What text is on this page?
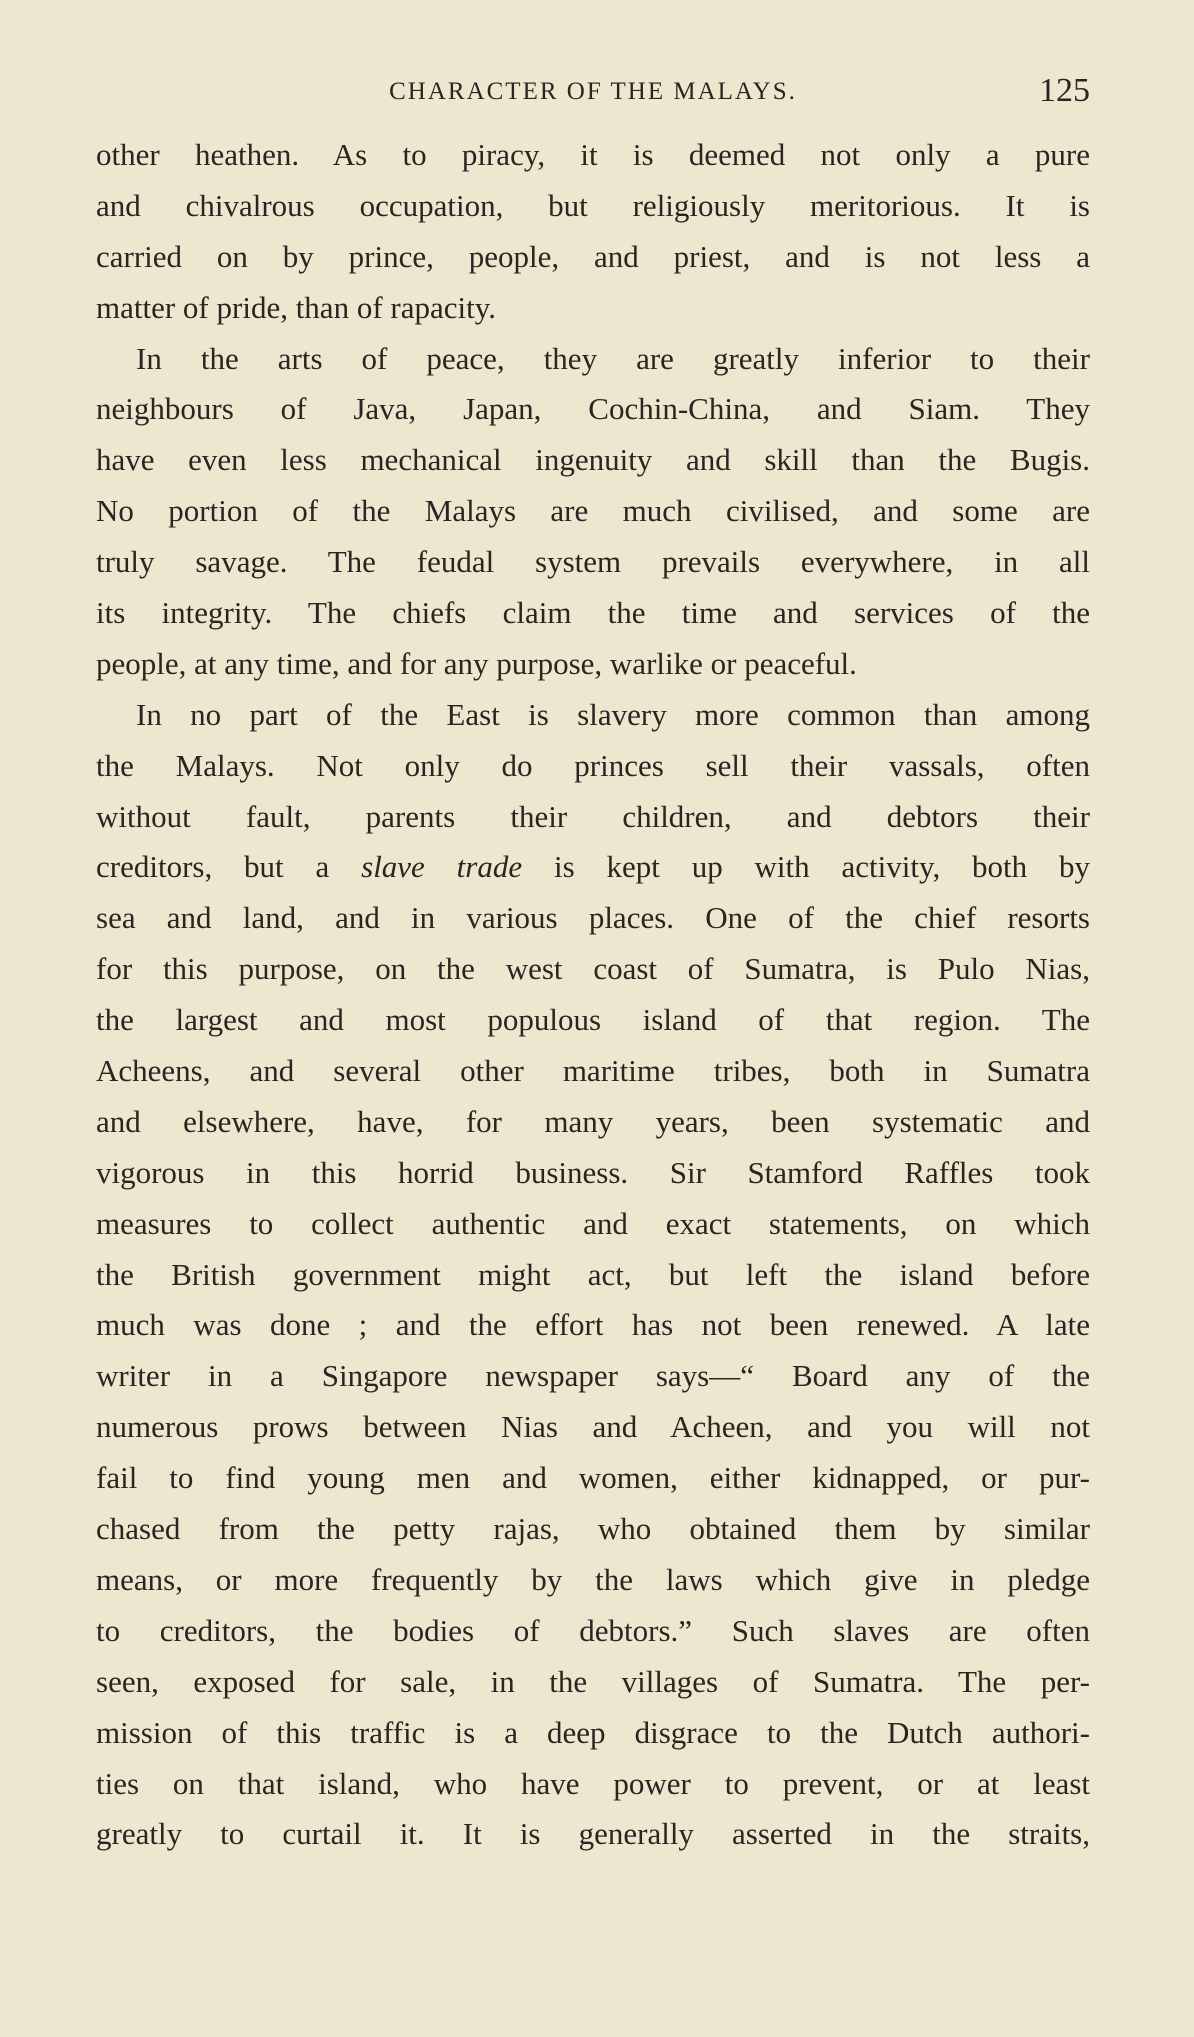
CHARACTER OF THE MALAYS.	125
other heathen. As to piracy, it is deemed not only a pure
and chivalrous occupation, but religiously meritorious. It is
carried on by prince, people, and priest, and is not less a
matter of pride, than of rapacity.
In the arts of peace, they are greatly inferior to their
neighbours of Java, Japan, Cochin-China, and Siam. They
have even less mechanical ingenuity and skill than the Bugis.
No portion of the Malays are much civilised, and some are
truly savage. The feudal system prevails everywhere, in all
its integrity. The chiefs claim the time and services of the
people, at any time, and for any purpose, warlike or peaceful.
In no part of the East is slavery more common than among
the Malays. Not only do princes sell their vassals, often
without fault, parents their children, and debtors their
creditors, but a slave trade is kept up with activity, both by
sea and land, and in various places. One of the chief resorts
for this purpose, on the west coast of Sumatra, is Pulo Nias,
the largest and most populous island of that region. The
Acheens, and several other maritime tribes, both in Sumatra
and elsewhere, have, for many years, been systematic and
vigorous in this horrid business. Sir Stamford Raffles took
measures to collect authentic and exact statements, on which
the British government might act, but left the island before
much was done ; and the effort has not been renewed. A late
writer in a Singapore newspaper says—“ Board any of the
numerous prows between Nias and Acheen, and you will not
fail to find young men and women, either kidnapped, or pur-
chased from the petty rajas, who obtained them by similar
means, or more frequently by the laws which give in pledge
to creditors, the bodies of debtors.” Such slaves are often
seen, exposed for sale, in the villages of Sumatra. The per-
mission of this traffic is a deep disgrace to the Dutch authori-
ties on that island, who have power to prevent, or at least
greatly to curtail it. It is generally asserted in the straits,
